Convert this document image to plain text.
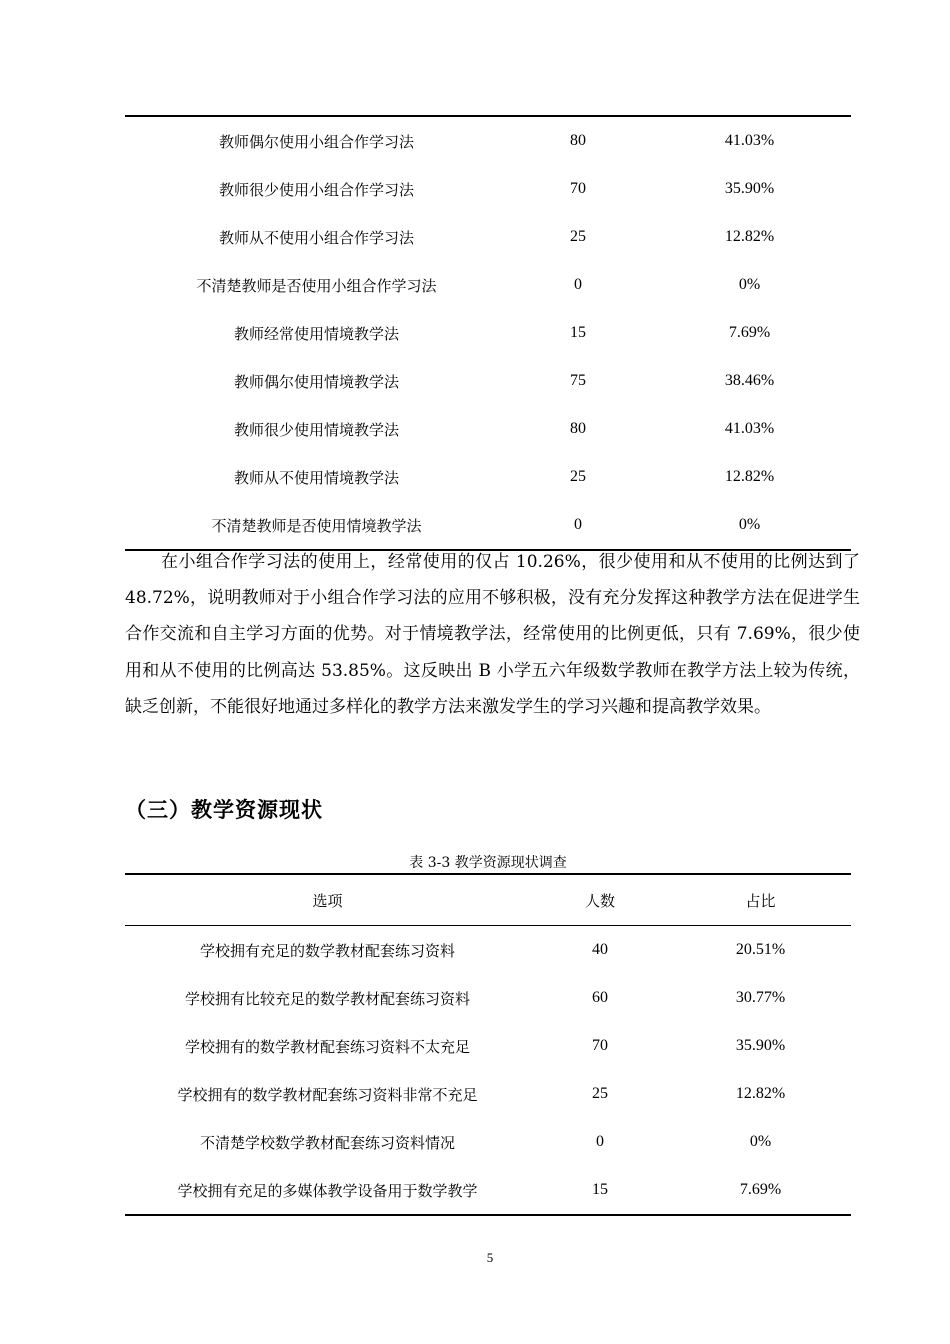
教师偶尔使用小组合作学习法	80	41.03%
教师很少使用小组合作学习法	70	35.90%
教师从不使用小组合作学习法	25	12.82%
不清楚教师是否使用小组合作学习法	0	0%
教师经常使用情境教学法	15	7.69%
教师偶尔使用情境教学法	75	38.46%
教师很少使用情境教学法	80	41.03%
教师从不使用情境教学法	25	12.82%
不清楚教师是否使用情境教学法	0	0%

在小组合作学习法的使用上，经常使用的仅占 10.26%，很少使用和从不使用的比例达到了 48.72%，说明教师对于小组合作学习法的应用不够积极，没有充分发挥这种教学方法在促进学生合作交流和自主学习方面的优势。对于情境教学法，经常使用的比例更低，只有 7.69%，很少使用和从不使用的比例高达 53.85%。这反映出 B 小学五六年级数学教师在教学方法上较为传统，缺乏创新，不能很好地通过多样化的教学方法来激发学生的学习兴趣和提高教学效果。

（三）教学资源现状
表 3-3 教学资源现状调查
选项	人数	占比
学校拥有充足的数学教材配套练习资料	40	20.51%
学校拥有比较充足的数学教材配套练习资料	60	30.77%
学校拥有的数学教材配套练习资料不太充足	70	35.90%
学校拥有的数学教材配套练习资料非常不充足	25	12.82%
不清楚学校数学教材配套练习资料情况	0	0%
学校拥有充足的多媒体教学设备用于数学教学	15	7.69%
5
